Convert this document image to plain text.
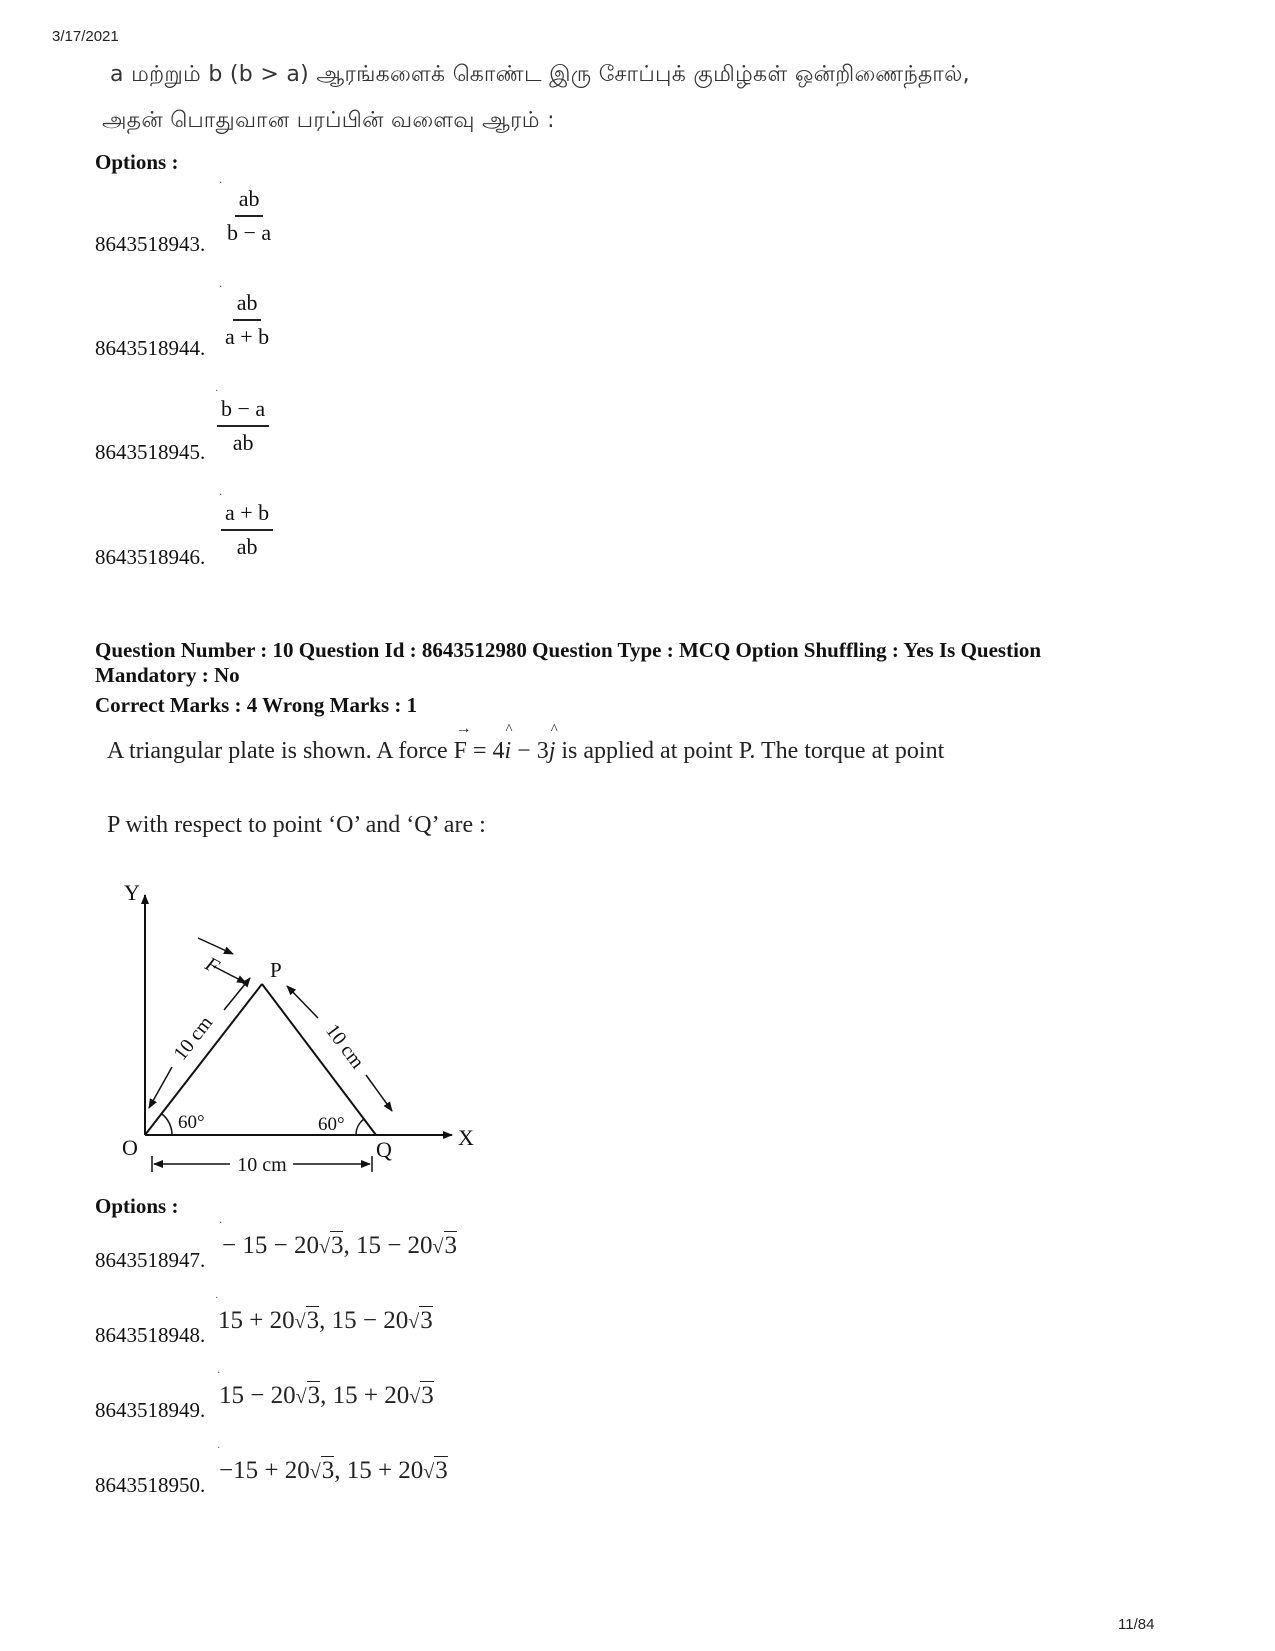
3/17/2021
a மற்றும் b (b > a) ஆரங்களைக் கொண்ட இரு சோப்புக் குமிழ்கள் ஒன்றிணைந்தால்,
அதன் பொதுவான பரப்பின் வளைவு ஆரம் :
Options :
·
8643518943. $\frac{ab}{b - a}$
·
8643518944. $\frac{ab}{a + b}$
·
8643518945. $\frac{b - a}{ab}$
·
8643518946. $\frac{a + b}{ab}$
Question Number : 10 Question Id : 8643512980 Question Type : MCQ Option Shuffling : Yes Is Question
Mandatory : No
Correct Marks : 4 Wrong Marks : 1
A triangular plate is shown. A force
→
F = 4
^
i − 3
^
j is applied at point P. The torque at point
P with respect to point ‘O’ and ‘Q’ are :
Y
X
O
P
Q
F
10 cm	10 cm
10 cm
60°	60°
Options :
·
8643518947.
− 15 − 20√3, 15 − 20√3
·
8643518948.
15 + 20√3, 15 − 20√3
·
8643518949.
15 − 20√3, 15 + 20√3
·
8643518950.
−15 + 20√3, 15 + 20√3
11/84
